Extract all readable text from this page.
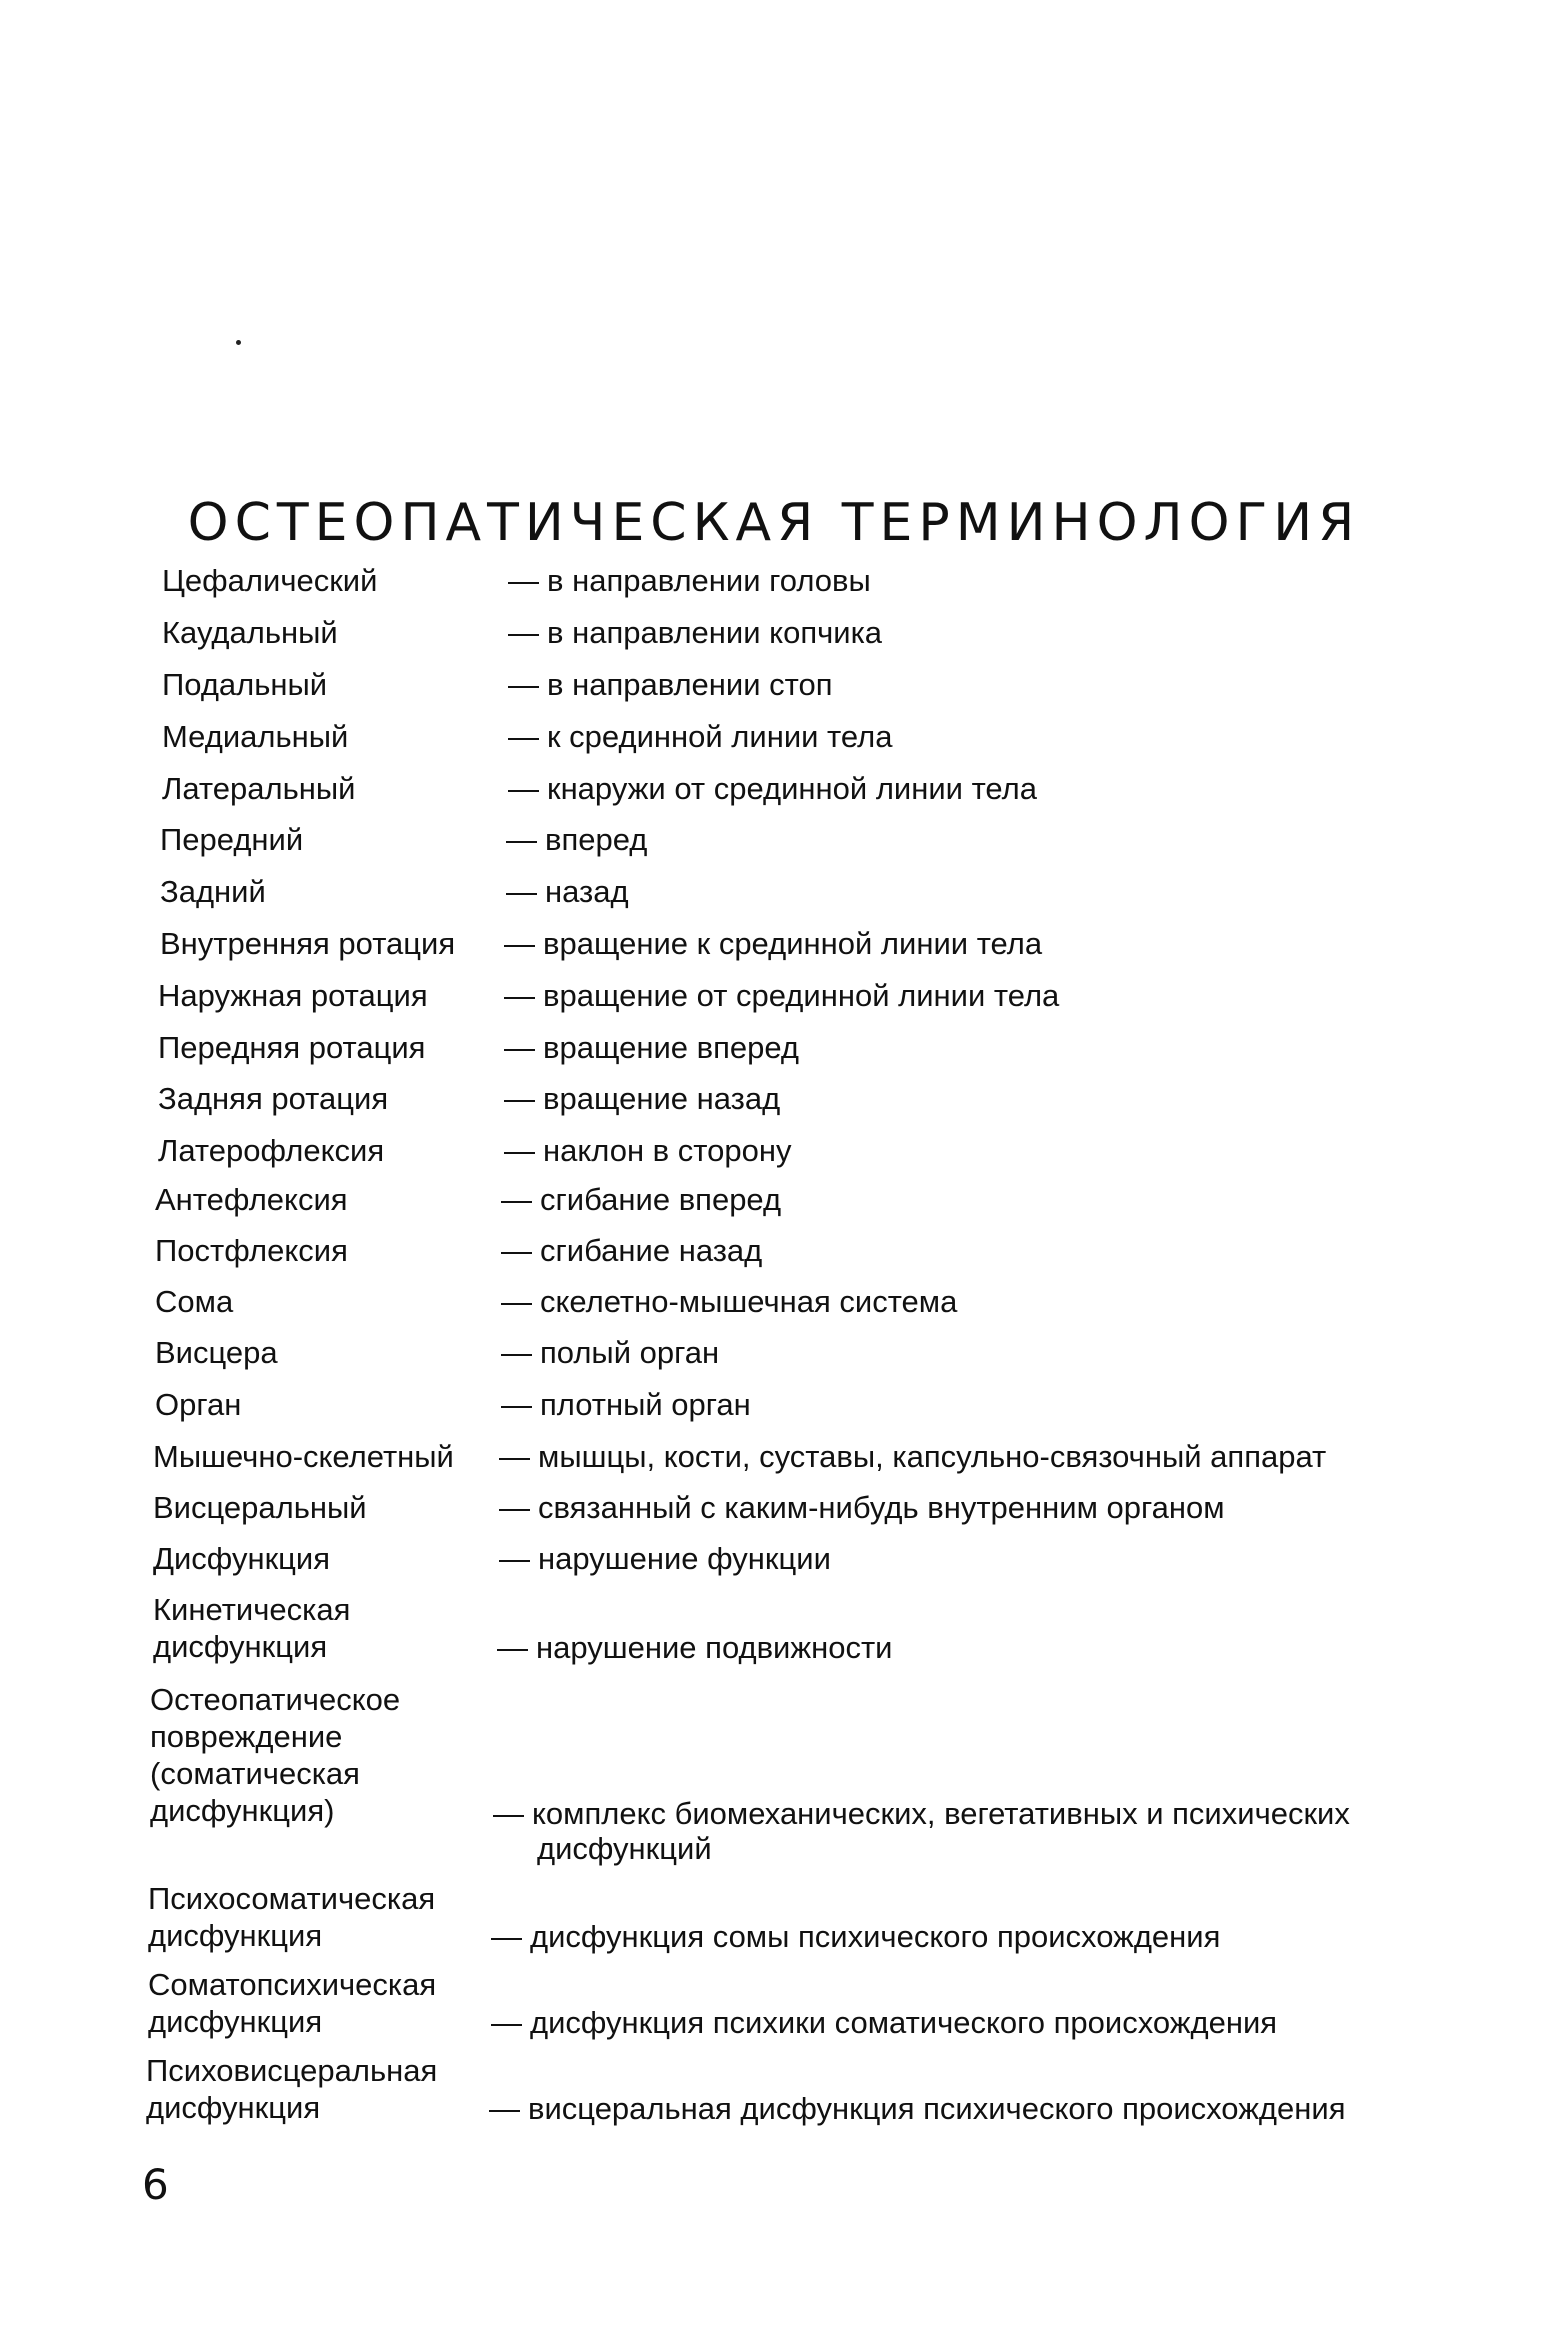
ОСТЕОПАТИЧЕСКАЯ ТЕРМИНОЛОГИЯ
Цефалический	— в направлении головы
Каудальный	— в направлении копчика
Подальный	— в направлении стоп
Медиальный	— к срединной линии тела
Латеральный	— кнаружи от срединной линии тела
Передний	— вперед
Задний	— назад
Внутренняя ротация — вращение к срединной линии тела
Наружная ротация — вращение от срединной линии тела
Передняя ротация	— вращение вперед
Задняя ротация	— вращение назад
Латерофлексия	— наклон в сторону
Антефлексия	— сгибание вперед
Постфлексия	— сгибание назад
Сома	— скелетно-мышечная система
Висцера	— полый орган
Орган	— плотный орган
Мышечно-скелетный — мышцы, кости, суставы, капсульно-связочный аппарат
Висцеральный	— связанный с каким-нибудь внутренним органом
Дисфункция	— нарушение функции
Кинетическая
дисфункция	— нарушение подвижности
Остеопатическое
повреждение
(соматическая
дисфункция)	— комплекс биомеханических, вегетативных и психических
дисфункций
Психосоматическая
дисфункция	— дисфункция сомы психического происхождения
Соматопсихическая
дисфункция	— дисфункция психики соматического происхождения
Психовисцеральная
дисфункция	— висцеральная дисфункция психического происхождения
6
